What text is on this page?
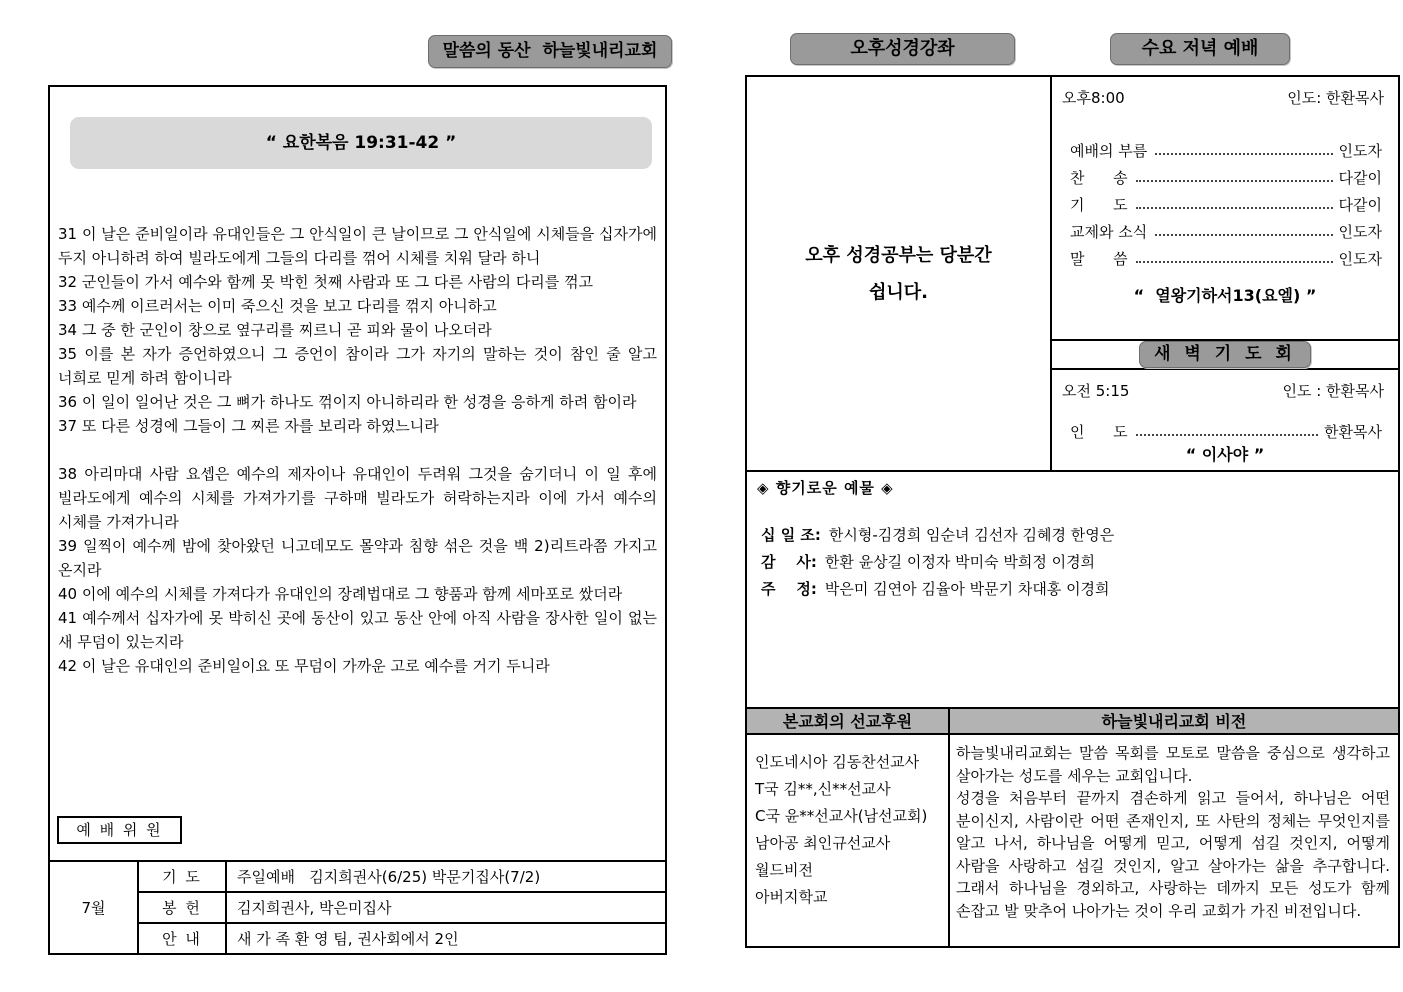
말씀의 동산  하늘빛내리교회	오후성경강좌	수요 저녁 예배
“ 요한복음 19:31-42 ”

31 이 날은 준비일이라 유대인들은 그 안식일이 큰 날이므로 그 안식일에 시체들을 십자가에 두지 아니하려 하여 빌라도에게 그들의 다리를 꺾어 시체를 치워 달라 하니

32 군인들이 가서 예수와 함께 못 박힌 첫째 사람과 또 그 다른 사람의 다리를 꺾고

33 예수께 이르러서는 이미 죽으신 것을 보고 다리를 꺾지 아니하고

34 그 중 한 군인이 창으로 옆구리를 찌르니 곧 피와 물이 나오더라

35 이를 본 자가 증언하였으니 그 증언이 참이라 그가 자기의 말하는 것이 참인 줄 알고 너희로 믿게 하려 함이니라

36 이 일이 일어난 것은 그 뼈가 하나도 꺾이지 아니하리라 한 성경을 응하게 하려 함이라

37 또 다른 성경에 그들이 그 찌른 자를 보리라 하였느니라

38 아리마대 사람 요셉은 예수의 제자이나 유대인이 두려워 그것을 숨기더니 이 일 후에 빌라도에게 예수의 시체를 가져가기를 구하매 빌라도가 허락하는지라 이에 가서 예수의 시체를 가져가니라

39 일찍이 예수께 밤에 찾아왔던 니고데모도 몰약과 침향 섞은 것을 백 2)리트라쯤 가지고 온지라

40 이에 예수의 시체를 가져다가 유대인의 장례법대로 그 향품과 함께 세마포로 쌌더라

41 예수께서 십자가에 못 박히신 곳에 동산이 있고 동산 안에 아직 사람을 장사한 일이 없는 새 무덤이 있는지라

42 이 날은 유대인의 준비일이요 또 무덤이 가까운 고로 예수를 거기 두니라

예 배 위 원
7월	기 도	주일예배   김지희권사(6/25) 박문기집사(7/2)
	봉 헌	김지희권사, 박은미집사
	안 내	새 가 족 환 영 팀, 권사회에서 2인
오후 성경공부는 당분간
쉽니다.
오후8:00	인도: 한환목사
예배의 부름	인도자
찬      송	다같이
기      도	다같이
교제와 소식	인도자
말      씀	인도자
“  열왕기하서13(요엘) ”
새 벽 기 도 회
오전 5:15	인도 : 한환목사
인      도	한환목사
“ 이사야 ”
◈ 향기로운 예물 ◈
십 일 조: 한시형-김경희 임순녀 김선자 김혜경 한영은
감    사: 한환 윤상길 이정자 박미숙 박희정 이경희
주    정: 박은미 김연아 김율아 박문기 차대홍 이경희
본교회의 선교후원	하늘빛내리교회 비전
인도네시아 김동찬선교사
T국 김**,신**선교사
C국 윤**선교사(남선교회)
남아공 최인규선교사
월드비전
아버지학교

하늘빛내리교회는 말씀 목회를 모토로 말씀을 중심으로 생각하고 살아가는 성도를 세우는 교회입니다.

성경을 처음부터 끝까지 겸손하게 읽고 들어서, 하나님은 어떤 분이신지, 사람이란 어떤 존재인지, 또 사탄의 정체는 무엇인지를 알고 나서, 하나님을 어떻게 믿고, 어떻게 섬길 것인지, 어떻게 사람을 사랑하고 섬길 것인지, 알고 살아가는 삶을 추구합니다. 그래서 하나님을 경외하고, 사랑하는 데까지 모든 성도가 함께 손잡고 발 맞추어 나아가는 것이 우리 교회가 가진 비전입니다.
